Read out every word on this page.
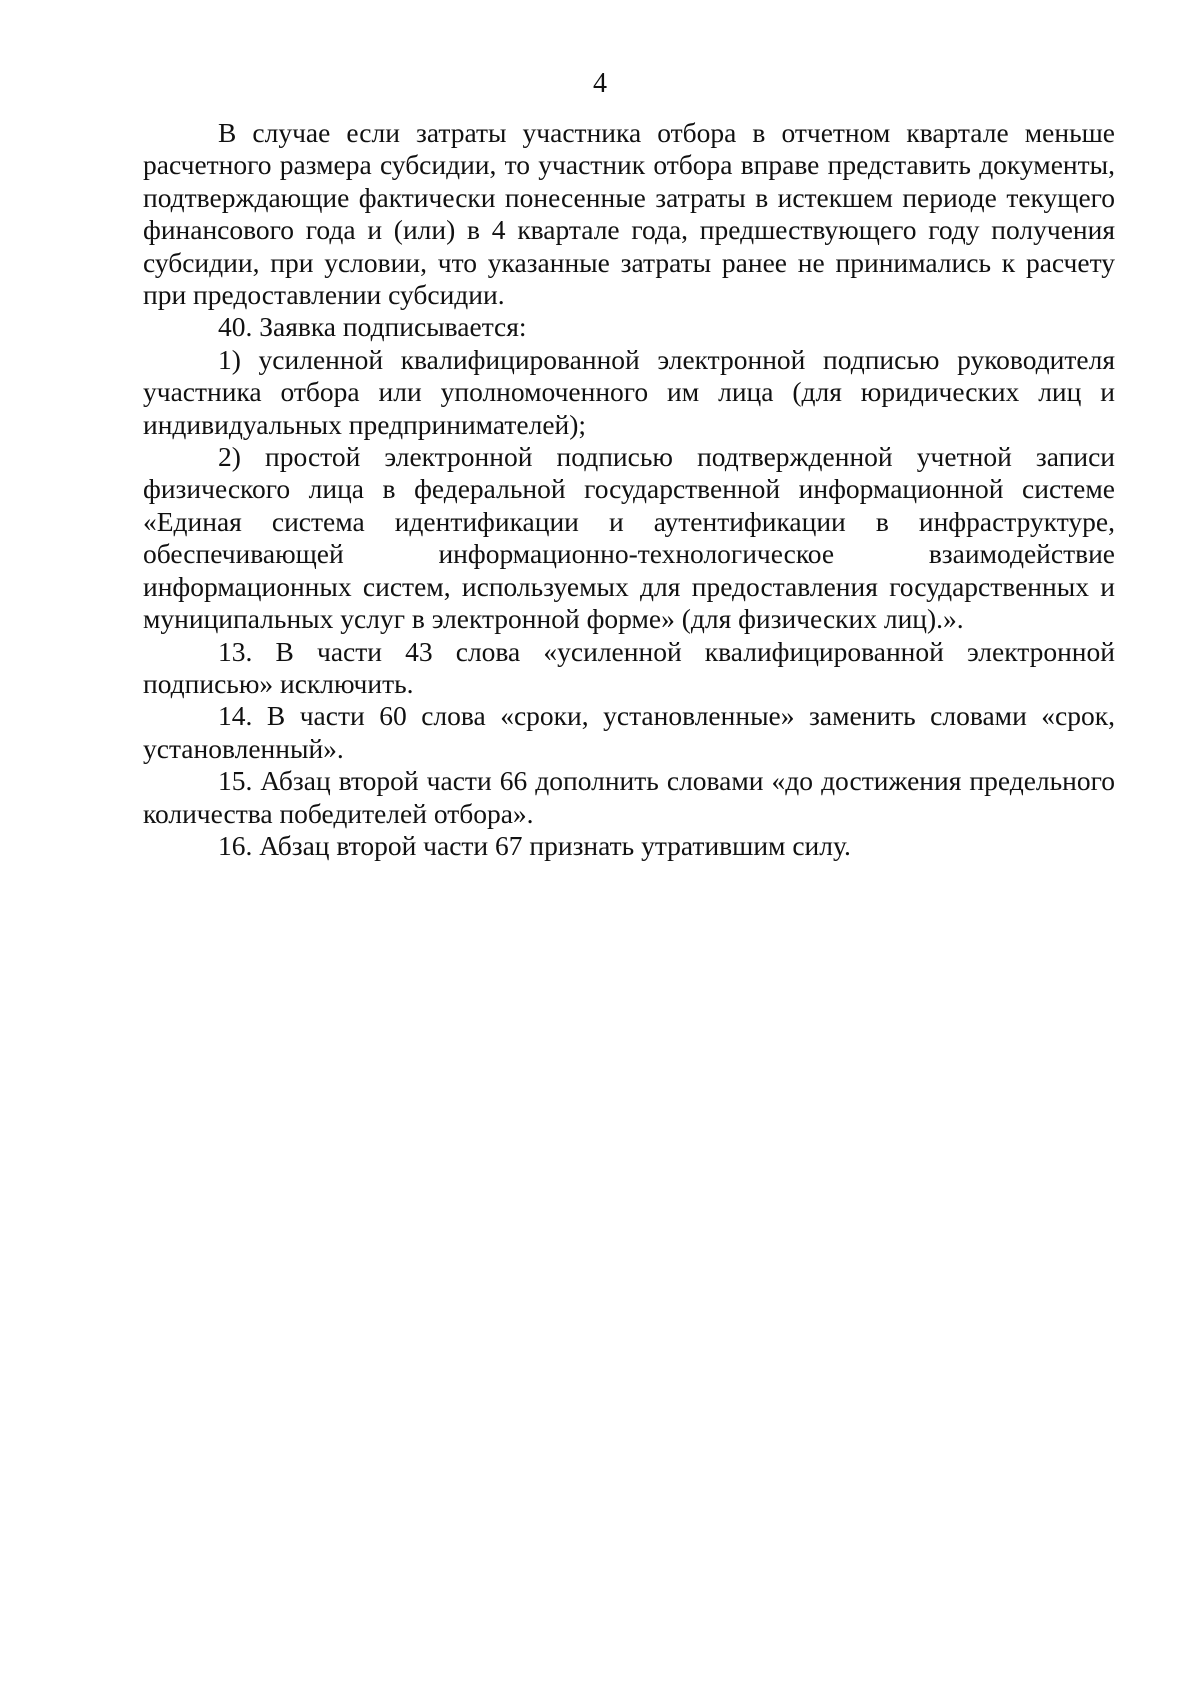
4

В случае если затраты участника отбора в отчетном квартале меньше расчетного размера субсидии, то участник отбора вправе представить документы, подтверждающие фактически понесенные затраты в истекшем периоде текущего финансового года и (или) в 4 квартале года, предшествующего году получения субсидии, при условии, что указанные затраты ранее не принимались к расчету при предоставлении субсидии.

40. Заявка подписывается:

1) усиленной квалифицированной электронной подписью руководителя участника отбора или уполномоченного им лица (для юридических лиц и индивидуальных предпринимателей);

2) простой электронной подписью подтвержденной учетной записи физического лица в федеральной государственной информационной системе «Единая система идентификации и аутентификации в инфраструктуре, обеспечивающей информационно-технологическое взаимодействие информационных систем, используемых для предоставления государственных и муниципальных услуг в электронной форме» (для физических лиц).».

13. В части 43 слова «усиленной квалифицированной электронной подписью» исключить.

14. В части 60 слова «сроки, установленные» заменить словами «срок, установленный».

15. Абзац второй части 66 дополнить словами «до достижения предельного количества победителей отбора».

16. Абзац второй части 67 признать утратившим силу.
